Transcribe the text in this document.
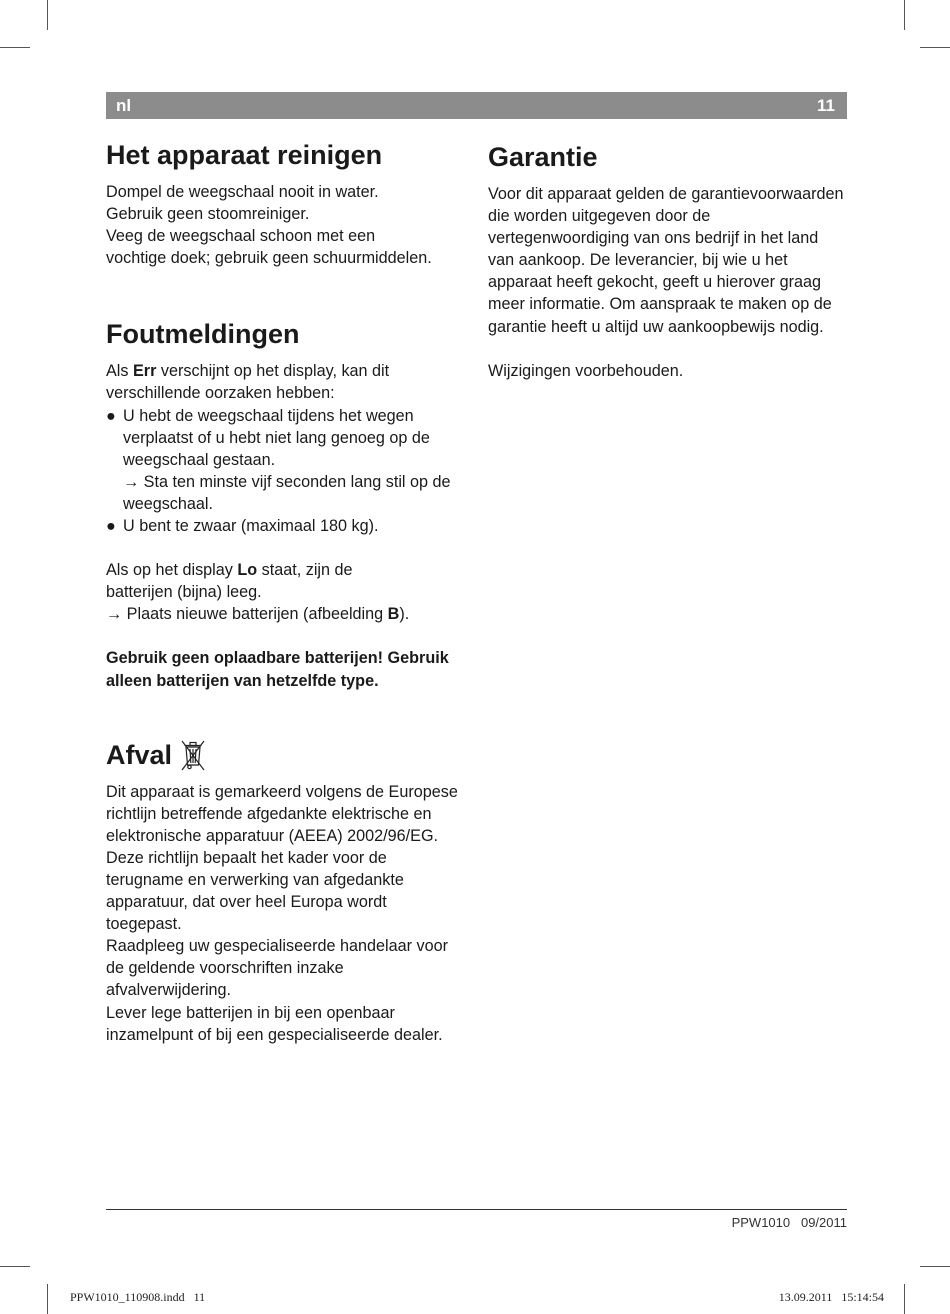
nl	11
Het apparaat reinigen

Dompel de weegschaal nooit in water.

Gebruik geen stoomreiniger.

Veeg de weegschaal schoon met een

vochtige doek; gebruik geen schuurmiddelen.

Foutmeldingen

Als Err verschijnt op het display, kan dit

verschillende oorzaken hebben:

● U hebt de weegschaal tijdens het wegen verplaatst of u hebt niet lang genoeg op de weegschaal gestaan.
→ Sta ten minste vijf seconden lang stil op de weegschaal.
● U bent te zwaar (maximaal 180 kg).

Als op het display Lo staat, zijn de

batterijen (bijna) leeg.

→ Plaats nieuwe batterijen (afbeelding B).

Gebruik geen oplaadbare batterijen! Gebruik alleen batterijen van hetzelfde type.

Afval

Dit apparaat is gemarkeerd volgens de Europese richtlijn betreffende afgedankte elektrische en elektronische apparatuur (AEEA) 2002/96/EG. Deze richtlijn bepaalt het kader voor de terugname en verwerking van afgedankte apparatuur, dat over heel Europa wordt toegepast.

Raadpleeg uw gespecialiseerde handelaar voor de geldende voorschriften inzake afvalverwijdering.

Lever lege batterijen in bij een openbaar inzamelpunt of bij een gespecialiseerde dealer.

Garantie

Voor dit apparaat gelden de garantievoorwaarden die worden uitgegeven door de vertegenwoordiging van ons bedrijf in het land van aankoop. De leverancier, bij wie u het apparaat heeft gekocht, geeft u hierover graag meer informatie. Om aanspraak te maken op de garantie heeft u altijd uw aankoopbewijs nodig.

Wijzigingen voorbehouden.

PPW1010   09/2011
PPW1010_110908.indd   11	13.09.2011   15:14:54
